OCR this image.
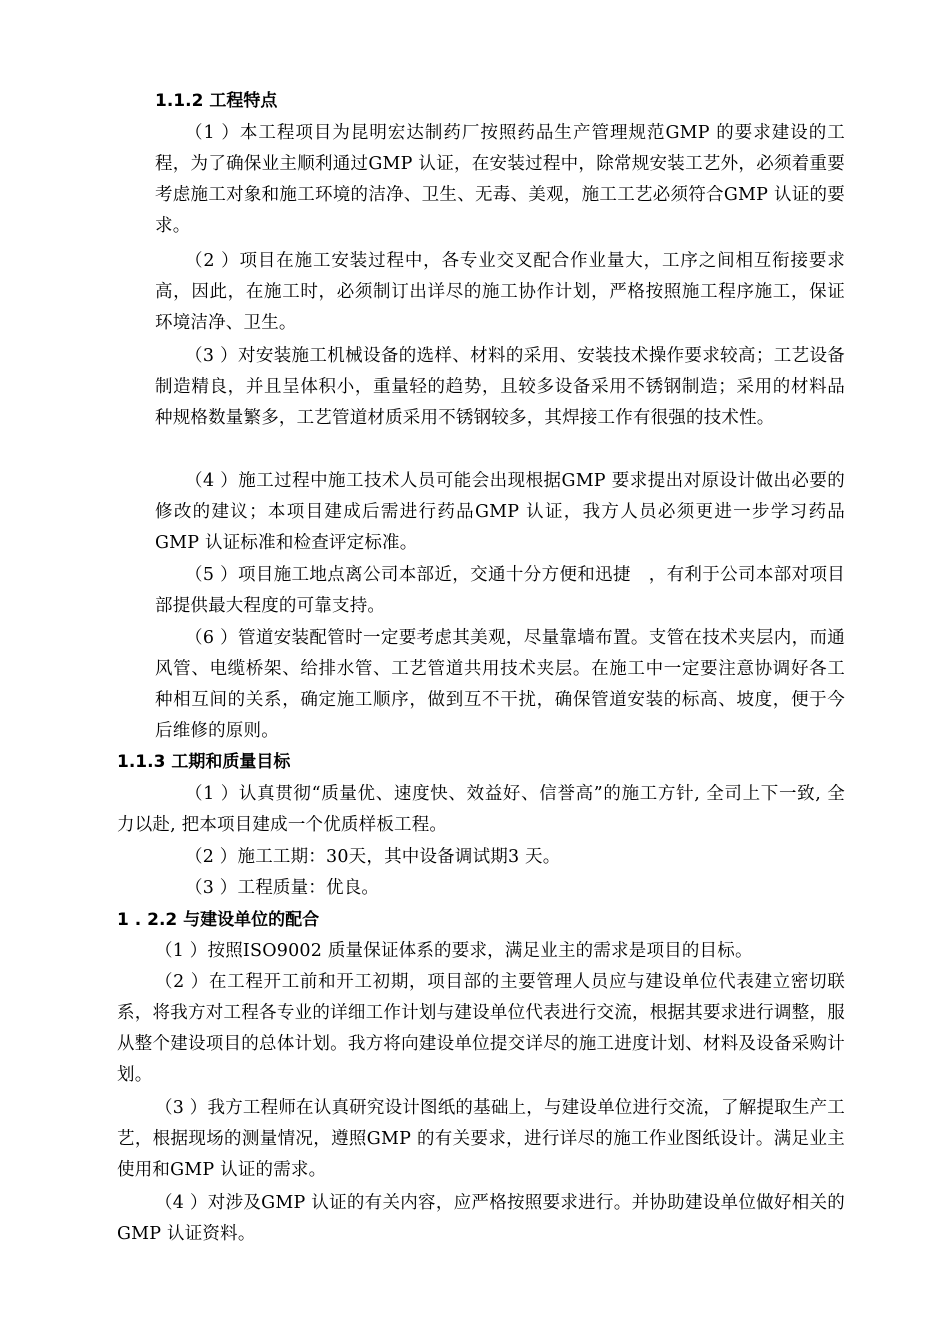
1.1.2 工程特点
（1 ）本工程项目为昆明宏达制药厂按照药品生产管理规范GMP 的要求建设的工程，为了确保业主顺利通过GMP 认证，在安装过程中，除常规安装工艺外，必须着重要考虑施工对象和施工环境的洁净、卫生、无毒、美观，施工工艺必须符合GMP 认证的要求。
（2 ）项目在施工安装过程中，各专业交叉配合作业量大，工序之间相互衔接要求高，因此，在施工时，必须制订出详尽的施工协作计划，严格按照施工程序施工，保证环境洁净、卫生。
（3 ）对安装施工机械设备的选样、材料的采用、安装技术操作要求较高；工艺设备制造精良，并且呈体积小，重量轻的趋势，且较多设备采用不锈钢制造；采用的材料品种规格数量繁多，工艺管道材质采用不锈钢较多，其焊接工作有很强的技术性。
（4 ）施工过程中施工技术人员可能会出现根据GMP 要求提出对原设计做出必要的修改的建议；本项目建成后需进行药品GMP 认证，我方人员必须更进一步学习药品GMP 认证标准和检查评定标准。
（5 ）项目施工地点离公司本部近，交通十分方便和迅捷　，有利于公司本部对项目部提供最大程度的可靠支持。
（6 ）管道安装配管时一定要考虑其美观，尽量靠墙布置。支管在技术夹层内，而通风管、电缆桥架、给排水管、工艺管道共用技术夹层。在施工中一定要注意协调好各工种相互间的关系，确定施工顺序，做到互不干扰，确保管道安装的标高、坡度，便于今后维修的原则。
1.1.3 工期和质量目标
（1 ）认真贯彻“质量优、速度快、效益好、信誉高”的施工方针, 全司上下一致, 全力以赴, 把本项目建成一个优质样板工程。
（2 ）施工工期：30天，其中设备调试期3 天。
（3 ）工程质量：优良。
1 . 2.2 与建设单位的配合
（1 ）按照ISO9002 质量保证体系的要求，满足业主的需求是项目的目标。
（2 ）在工程开工前和开工初期，项目部的主要管理人员应与建设单位代表建立密切联系，将我方对工程各专业的详细工作计划与建设单位代表进行交流，根据其要求进行调整，服从整个建设项目的总体计划。我方将向建设单位提交详尽的施工进度计划、材料及设备采购计划。
（3 ）我方工程师在认真研究设计图纸的基础上，与建设单位进行交流，了解提取生产工艺，根据现场的测量情况，遵照GMP 的有关要求，进行详尽的施工作业图纸设计。满足业主使用和GMP 认证的需求。
（4 ）对涉及GMP 认证的有关内容，应严格按照要求进行。并协助建设单位做好相关的GMP 认证资料。
